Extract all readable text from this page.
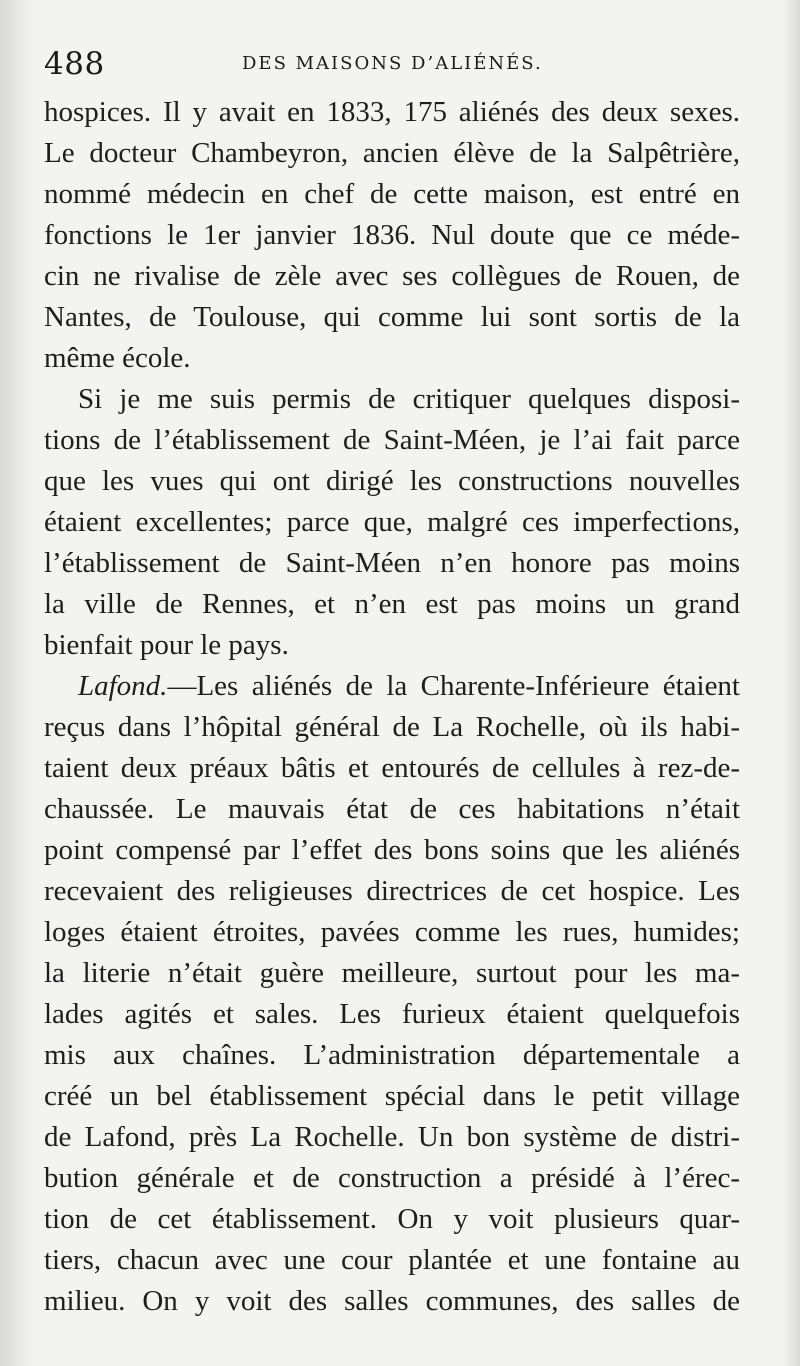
488	DES MAISONS D’ALIÉNÉS.
hospices. Il y avait en 1833, 175 aliénés des deux sexes.
Le docteur Chambeyron, ancien élève de la Salpêtrière,
nommé médecin en chef de cette maison, est entré en
fonctions le 1er janvier 1836. Nul doute que ce méde-
cin ne rivalise de zèle avec ses collègues de Rouen, de
Nantes, de Toulouse, qui comme lui sont sortis de la
même école.
Si je me suis permis de critiquer quelques disposi-
tions de l’établissement de Saint-Méen, je l’ai fait parce
que les vues qui ont dirigé les constructions nouvelles
étaient excellentes; parce que, malgré ces imperfections,
l’établissement de Saint-Méen n’en honore pas moins
la ville de Rennes, et n’en est pas moins un grand
bienfait pour le pays.
Lafond.—Les aliénés de la Charente-Inférieure étaient
reçus dans l’hôpital général de La Rochelle, où ils habi-
taient deux préaux bâtis et entourés de cellules à rez-de-
chaussée. Le mauvais état de ces habitations n’était
point compensé par l’effet des bons soins que les aliénés
recevaient des religieuses directrices de cet hospice. Les
loges étaient étroites, pavées comme les rues, humides;
la literie n’était guère meilleure, surtout pour les ma-
lades agités et sales. Les furieux étaient quelquefois
mis aux chaînes. L’administration départementale a
créé un bel établissement spécial dans le petit village
de Lafond, près La Rochelle. Un bon système de distri-
bution générale et de construction a présidé à l’érec-
tion de cet établissement. On y voit plusieurs quar-
tiers, chacun avec une cour plantée et une fontaine au
milieu. On y voit des salles communes, des salles de
